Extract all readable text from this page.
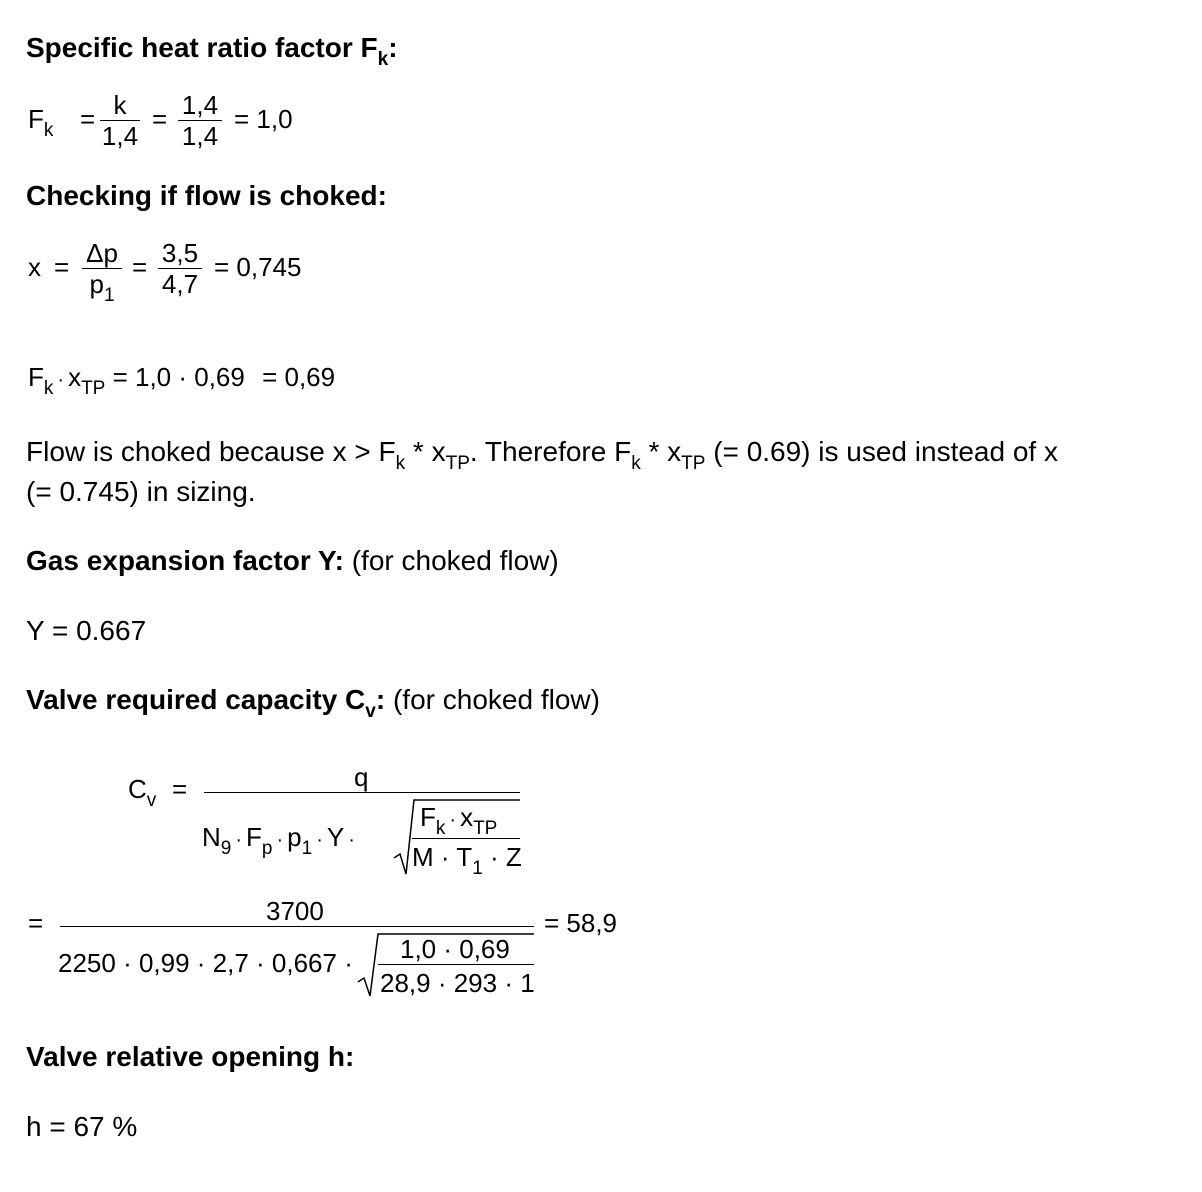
Specific heat ratio factor $F_k$:
$F_k = k$
1,4
= 1,4
1,4
= 1,0
Checking if flow is choked:
x = Δp
$p_1$
= 3,5
4,7
= 0,745
$F_k \cdot x_{TP} = 1,0 \cdot 0,69 = 0,69$
Flow is choked because $x > F_k * x_{TP}$. Therefore $F_k * x_{TP}$ (= 0.69) is used instead of x
(= 0.745) in sizing.
Gas expansion factor Y: (for choked flow)
Y = 0.667
Valve required capacity $C_v$: (for choked flow)
$C_v$ =	q
$N_9 \cdot F_p \cdot p_1 \cdot Y$ ·
$F_k \cdot x_{TP}$
$M \cdot T_1 \cdot Z$
=	3700
2250 · 0,99 · 2,7 · 0,667 · 1,0 · 0,69
28,9 · 293 · 1
= 58,9
Valve relative opening h:
h = 67 %
